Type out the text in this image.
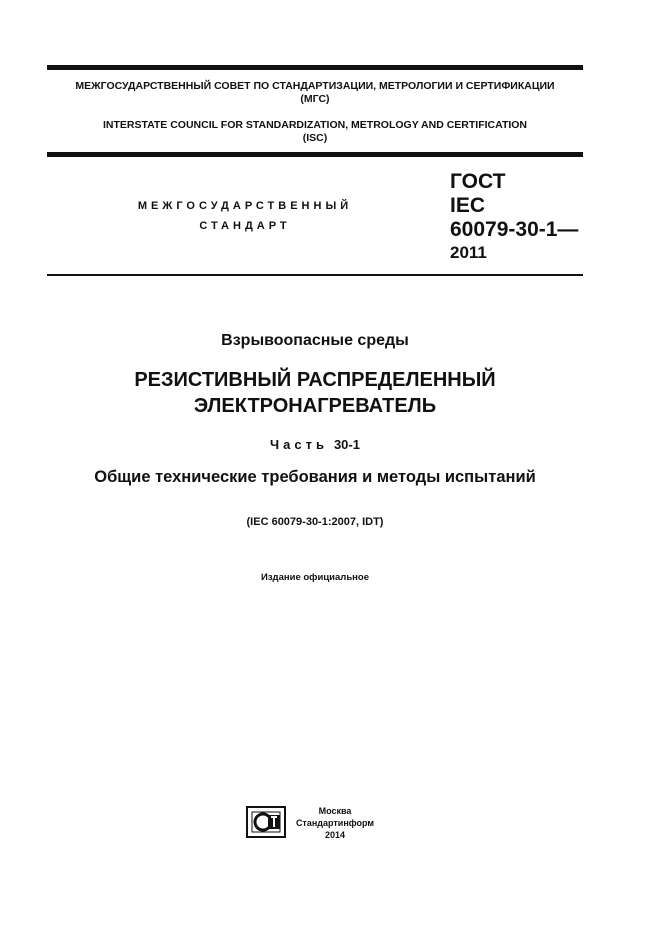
МЕЖГОСУДАРСТВЕННЫЙ СОВЕТ ПО СТАНДАРТИЗАЦИИ, МЕТРОЛОГИИ И СЕРТИФИКАЦИИ
(МГС)
INTERSTATE COUNCIL FOR STANDARDIZATION, METROLOGY AND CERTIFICATION
(ISC)
МЕЖГОСУДАРСТВЕННЫЙ
СТАНДАРТ
ГОСТ
IEC
60079-30-1—
2011
Взрывоопасные среды
РЕЗИСТИВНЫЙ РАСПРЕДЕЛЕННЫЙ
ЭЛЕКТРОНАГРЕВАТЕЛЬ
Часть 30-1
Общие технические требования и методы испытаний
(IEC 60079-30-1:2007, IDT)
Издание официальное
Москва
Стандартинформ
2014
